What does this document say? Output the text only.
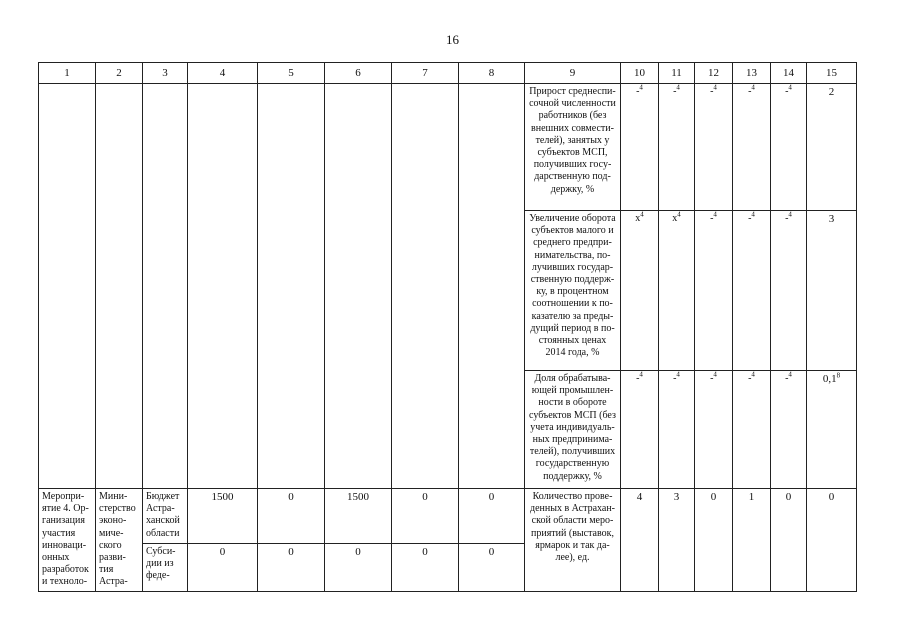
16
1	2	3	4	5	6	7	8	9	10	11	12	13	14	15
								Прирост среднеспи-сочной численности работников (без внешних совмести-телей), занятых у субъектов МСП, получивших госу-дарственную под-держку, %	-$^4$	-$^4$	-$^4$	-$^4$	-$^4$	2
								Увеличение оборота субъектов малого и среднего предпри-нимательства, по-лучивших государ-ственную поддерж-ку, в процентном соотношении к по-казателю за преды-дущий период в по-стоянных ценах 2014 года, %	$x^4$	$x^4$	-$^4$	-$^4$	-$^4$	3
								Доля обрабатыва-ющей промышлен-ности в обороте субъектов МСП (без учета индивидуаль-ных предпринима-телей), получивших государственную поддержку, %	-$^4$	-$^4$	-$^4$	-$^4$	-$^4$	$0,1^8$
Меропри-ятие 4. Ор-ганизация участия инноваци-онных разработок и техноло-	Мини-стерство эконо-миче-ского разви-тия Астра-	Бюджет Астра-ханской области	1500	0	1500	0	0	Количество прове-денных в Астрахан-ской области меро-приятий (выставок, ярмарок и так да-лее), ед.	4	3	0	1	0	0
		Субси-дии из феде-	0	0	0	0	0							
